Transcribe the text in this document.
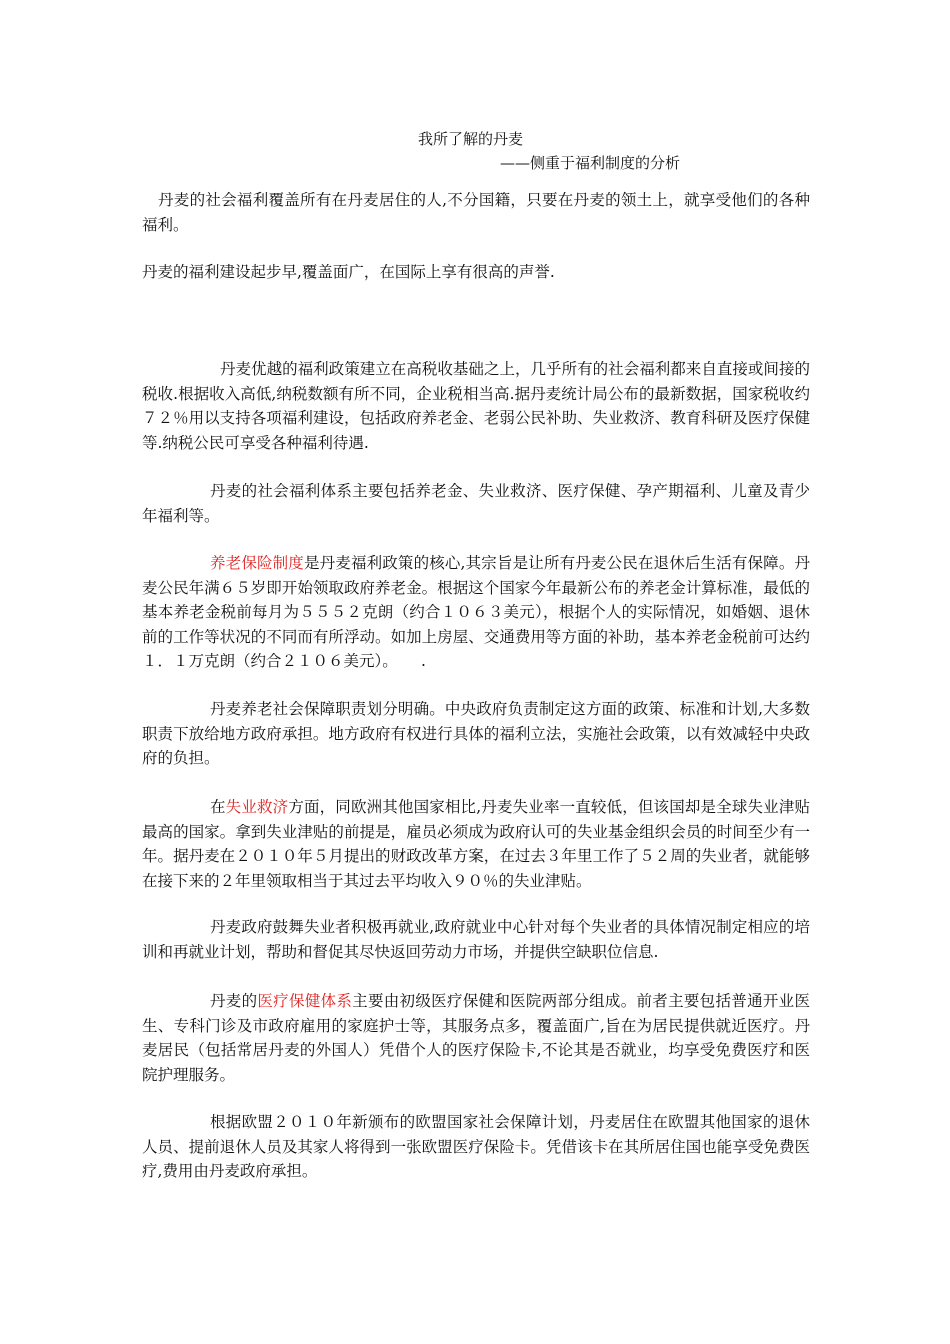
我所了解的丹麦
——侧重于福利制度的分析

丹麦的社会福利覆盖所有在丹麦居住的人,不分国籍，只要在丹麦的领土上，就享受他们的各种福利。

丹麦的福利建设起步早,覆盖面广，在国际上享有很高的声誉.

丹麦优越的福利政策建立在高税收基础之上，几乎所有的社会福利都来自直接或间接的税收.根据收入高低,纳税数额有所不同，企业税相当高.据丹麦统计局公布的最新数据，国家税收约７２％用以支持各项福利建设，包括政府养老金、老弱公民补助、失业救济、教育科研及医疗保健等.纳税公民可享受各种福利待遇.

丹麦的社会福利体系主要包括养老金、失业救济、医疗保健、孕产期福利、儿童及青少年福利等。

养老保险制度是丹麦福利政策的核心,其宗旨是让所有丹麦公民在退休后生活有保障。丹麦公民年满６５岁即开始领取政府养老金。根据这个国家今年最新公布的养老金计算标准，最低的基本养老金税前每月为５５５２克朗（约合１０６３美元），根据个人的实际情况，如婚姻、退休前的工作等状况的不同而有所浮动。如加上房屋、交通费用等方面的补助，基本养老金税前可达约１．１万克朗（约合２１０６美元）。　　.

丹麦养老社会保障职责划分明确。中央政府负责制定这方面的政策、标准和计划,大多数职责下放给地方政府承担。地方政府有权进行具体的福利立法，实施社会政策，以有效减轻中央政府的负担。

在失业救济方面，同欧洲其他国家相比,丹麦失业率一直较低，但该国却是全球失业津贴最高的国家。拿到失业津贴的前提是，雇员必须成为政府认可的失业基金组织会员的时间至少有一年。据丹麦在２０１０年５月提出的财政改革方案，在过去３年里工作了５２周的失业者，就能够在接下来的２年里领取相当于其过去平均收入９０％的失业津贴。

丹麦政府鼓舞失业者积极再就业,政府就业中心针对每个失业者的具体情况制定相应的培训和再就业计划，帮助和督促其尽快返回劳动力市场，并提供空缺职位信息.

丹麦的医疗保健体系主要由初级医疗保健和医院两部分组成。前者主要包括普通开业医生、专科门诊及市政府雇用的家庭护士等，其服务点多，覆盖面广,旨在为居民提供就近医疗。丹麦居民（包括常居丹麦的外国人）凭借个人的医疗保险卡,不论其是否就业，均享受免费医疗和医院护理服务。

根据欧盟２０１０年新颁布的欧盟国家社会保障计划，丹麦居住在欧盟其他国家的退休人员、提前退休人员及其家人将得到一张欧盟医疗保险卡。凭借该卡在其所居住国也能享受免费医疗,费用由丹麦政府承担。
